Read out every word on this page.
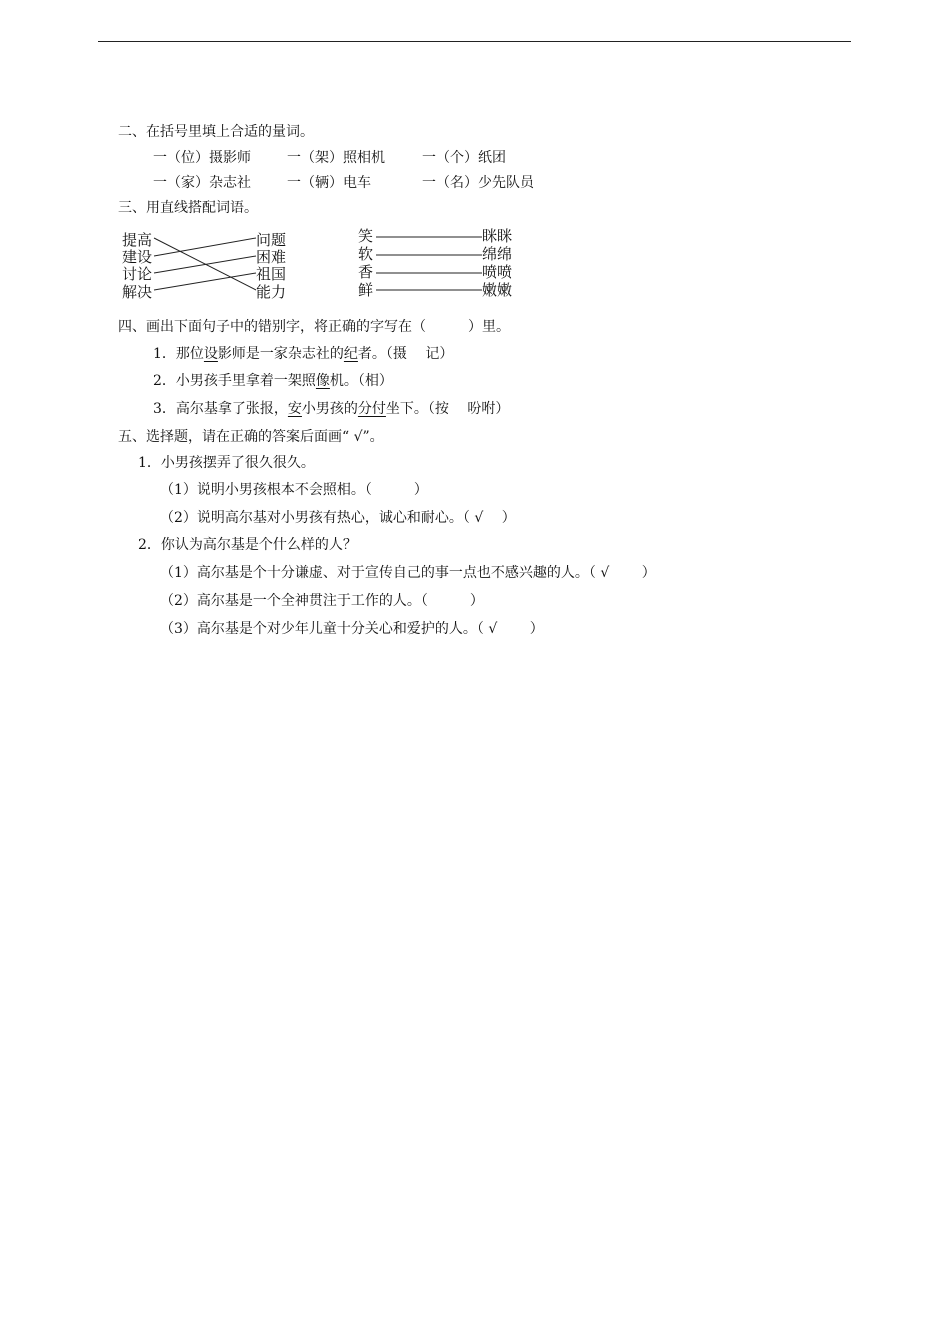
二、在括号里填上合适的量词。
一（位）摄影师	一（架）照相机	一（个）纸团
一（家）杂志社	一（辆）电车	一（名）少先队员
三、用直线搭配词语。
提高
建设
讨论
解决
问题
困难
祖国
能力
笑
软
香
鲜
眯眯
绵绵
喷喷
嫩嫩
四、画出下面句子中的错别字，将正确的字写在（　　　）里。
1．那位设影师是一家杂志社的纪者。（摄　 记）
2．小男孩手里拿着一架照像机。（相）
3．高尔基拿了张报，安小男孩的分付坐下。（按　 吩咐）
五、选择题，请在正确的答案后面画“ √”。
1．小男孩摆弄了很久很久。
（1）说明小男孩根本不会照相。（　　　）
（2）说明高尔基对小男孩有热心，诚心和耐心。（ √　 ）
2．你认为高尔基是个什么样的人？
（1）高尔基是个十分谦虚、对于宣传自己的事一点也不感兴趣的人。（ √　　 ）
（2）高尔基是一个全神贯注于工作的人。（　　　）
（3）高尔基是个对少年儿童十分关心和爱护的人。（ √　　 ）
